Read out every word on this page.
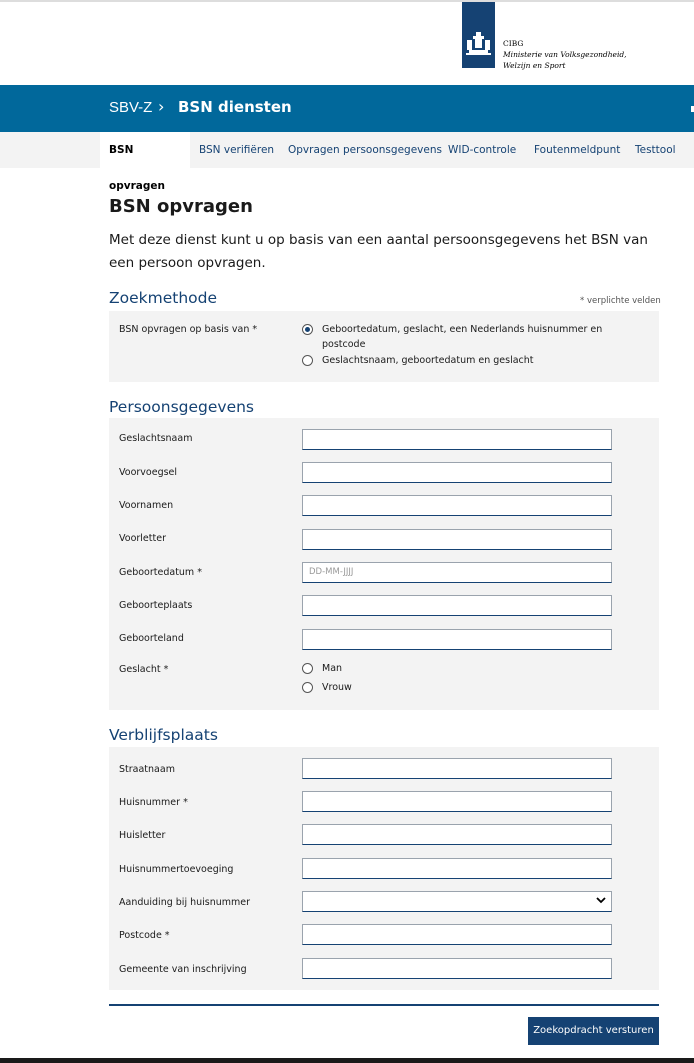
CIBG
Ministerie van Volksgezondheid,
Welzijn en Sport
SBV-Z › BSN diensten
BSN opvragen
BSN verifiëren Opvragen persoonsgegevens WID-controle Foutenmeldpunt Testtool
BSN opvragen

Met deze dienst kunt u op basis van een aantal persoonsgegevens het BSN van een persoon opvragen.

Zoekmethode	* verplichte velden
BSN opvragen op basis van *	Geboortedatum, geslacht, een Nederlands huisnummer en postcode
Geslachtsnaam, geboortedatum en geslacht
Persoonsgegevens
Geslachtsnaam
Voorvoegsel
Voornamen
Voorletter
Geboortedatum *	DD-MM-JJJJ
Geboorteplaats
Geboorteland
Geslacht *	Man
Vrouw
Verblijfsplaats
Straatnaam
Huisnummer *
Huisletter
Huisnummertoevoeging
Aanduiding bij huisnummer
Postcode *
Gemeente van inschrijving
Zoekopdracht versturen
